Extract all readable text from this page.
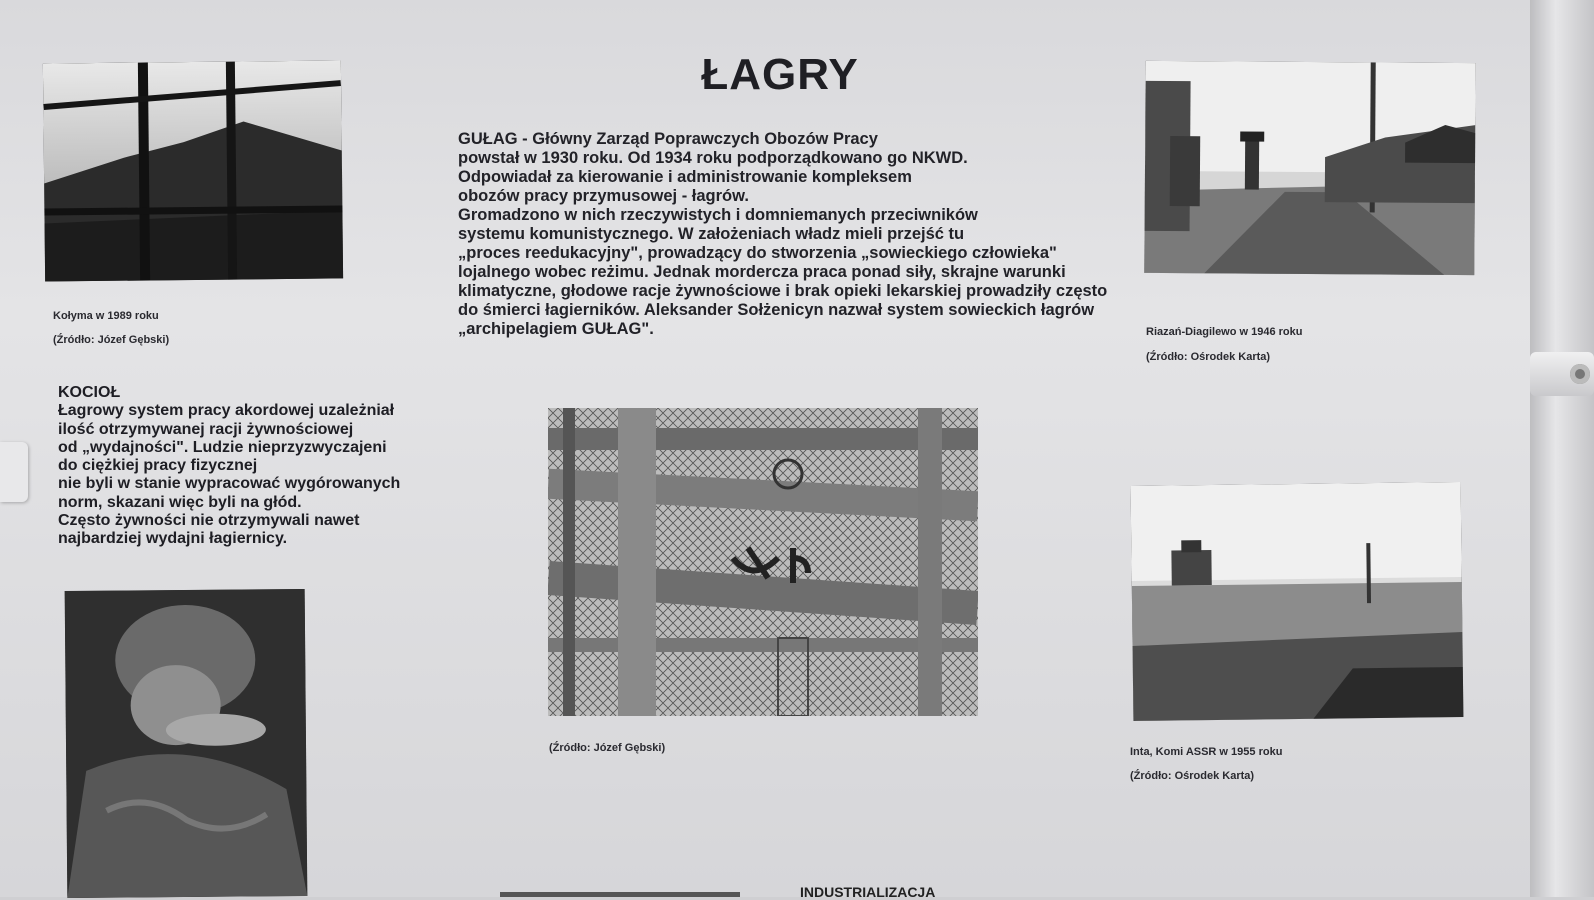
ŁAGRY
Kołyma w 1989 roku
(Źródło: Józef Gębski)
GUŁAG - Główny Zarząd Poprawczych Obozów Pracy
powstał w 1930 roku. Od 1934 roku podporządkowano go NKWD.
Odpowiadał za kierowanie i administrowanie kompleksem
obozów pracy przymusowej - łagrów.
Gromadzono w nich rzeczywistych i domniemanych przeciwników
systemu komunistycznego. W założeniach władz mieli przejść tu
„proces reedukacyjny", prowadzący do stworzenia „sowieckiego człowieka"
lojalnego wobec reżimu. Jednak mordercza praca ponad siły, skrajne warunki
klimatyczne, głodowe racje żywnościowe i brak opieki lekarskiej prowadziły często
do śmierci łagierników. Aleksander Sołżenicyn nazwał system sowieckich łagrów
„archipelagiem GUŁAG".	Riazań-Diagilewo w 1946 roku
(Źródło: Ośrodek Karta)
KOCIOŁ
Łagrowy system pracy akordowej uzależniał
ilość otrzymywanej racji żywnościowej
od „wydajności". Ludzie nieprzyzwyczajeni
do ciężkiej pracy fizycznej
nie byli w stanie wypracować wygórowanych
norm, skazani więc byli na głód.
Często żywności nie otrzymywali nawet
najbardziej wydajni łagiernicy.
(Źródło: Józef Gębski)	Inta, Komi ASSR w 1955 roku
(Źródło: Ośrodek Karta)
INDUSTRIALIZACJA
